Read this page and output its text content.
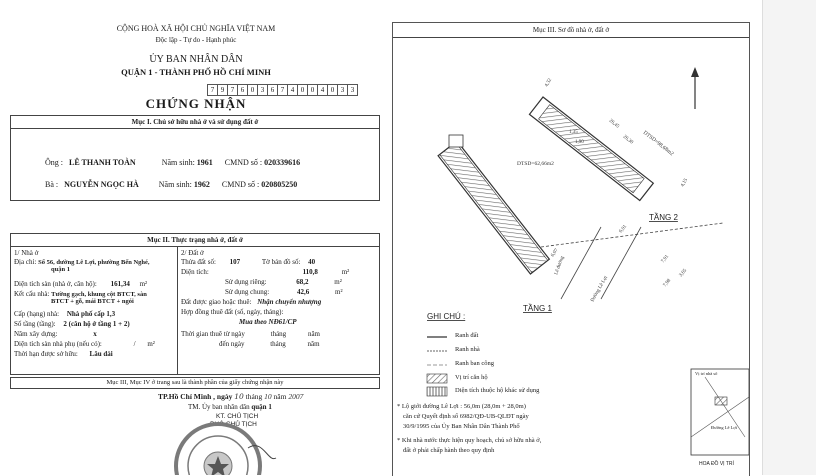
CỘNG HOÀ XÃ HỘI CHỦ NGHĨA VIỆT NAM
Độc lập - Tự do - Hạnh phúc
ỦY BAN NHÂN DÂN
QUẬN 1 - THÀNH PHỐ HỒ CHÍ MINH
7 9 7 6 0 3 6 7 4 0 0 4 0 3 3
CHỨNG NHẬN
Mục I. Chủ sở hữu nhà ở và sử dụng đất ở
Ông : LÊ THANH TOÀN	Năm sinh: 1961 CMND số : 020339616
Bà : NGUYỄN NGỌC HÀ	Năm sinh: 1962 CMND số : 020805250
Mục II. Thực trạng nhà ở, đất ở
1/ Nhà ở
Địa chỉ: Số 56, đường Lê Lợi, phường Bến Nghé,
quận 1
Diện tích sàn (nhà ở, căn hộ): 161,34 m²
Kết cấu nhà: Tường gạch, khung cột BTCT, sàn
BTCT + gỗ, mái BTCT + ngói
Cấp (hạng) nhà: Nhà phố cấp 1,3
Số tầng (tầng): 2 (căn hộ ở tầng 1 + 2)
Năm xây dựng:	x
Diện tích sàn nhà phụ (nếu có):	/ m²
Thời hạn được sở hữu: Lâu dài
2/ Đất ở
Thửa đất số: 107	Tờ bản đồ số: 40
Diện tích:	110,8	m²
Sử dụng riêng:	68,2	m²
Sử dụng chung:	42,6	m²
Đất được giao hoặc thuê: Nhận chuyển nhượng
Hợp đồng thuê đất (số, ngày, tháng):
Mua theo NĐ61/CP
Thời gian thuê từ ngày	tháng	năm
đến ngày	tháng	năm
Mục III, Mục IV ở trang sau là thành phần của giấy chứng nhận này
TP.Hồ Chí Minh , ngày 10 tháng 10 năm 2007
TM. Ủy ban nhân dân quận 1
KT. CHỦ TỊCH
PHÓ CHỦ TỊCH
Mục III. Sơ đồ nhà ở, đất ở
DTSD=62,66m2
DTSD=98,68m2
TẦNG 2
TẦNG 1
Lê đường
Đường Lê Lợi
6,01
7,91
1,90
1,35
4,32
4,15
3,65
7,98
26,45
26,30
6,07
GHI CHÚ :
Ranh đất
Ranh nhà
Ranh ban công
Vị trí căn hộ
Diện tích thuộc hộ khác sử dụng
* Lộ giới đường Lê Lợi : 56,0m (28,0m + 28,0m)
căn cứ Quyết định số 6982/QĐ-UB-QLĐT ngày
30/9/1995 của Ủy Ban Nhân Dân Thành Phố
* Khi nhà nước thực hiện quy hoạch, chủ sở hữu nhà ở,
đất ở phải chấp hành theo quy định
Vị trí nhà số
Đường Lê Lợi
HOA ĐỒ VỊ TRÍ
